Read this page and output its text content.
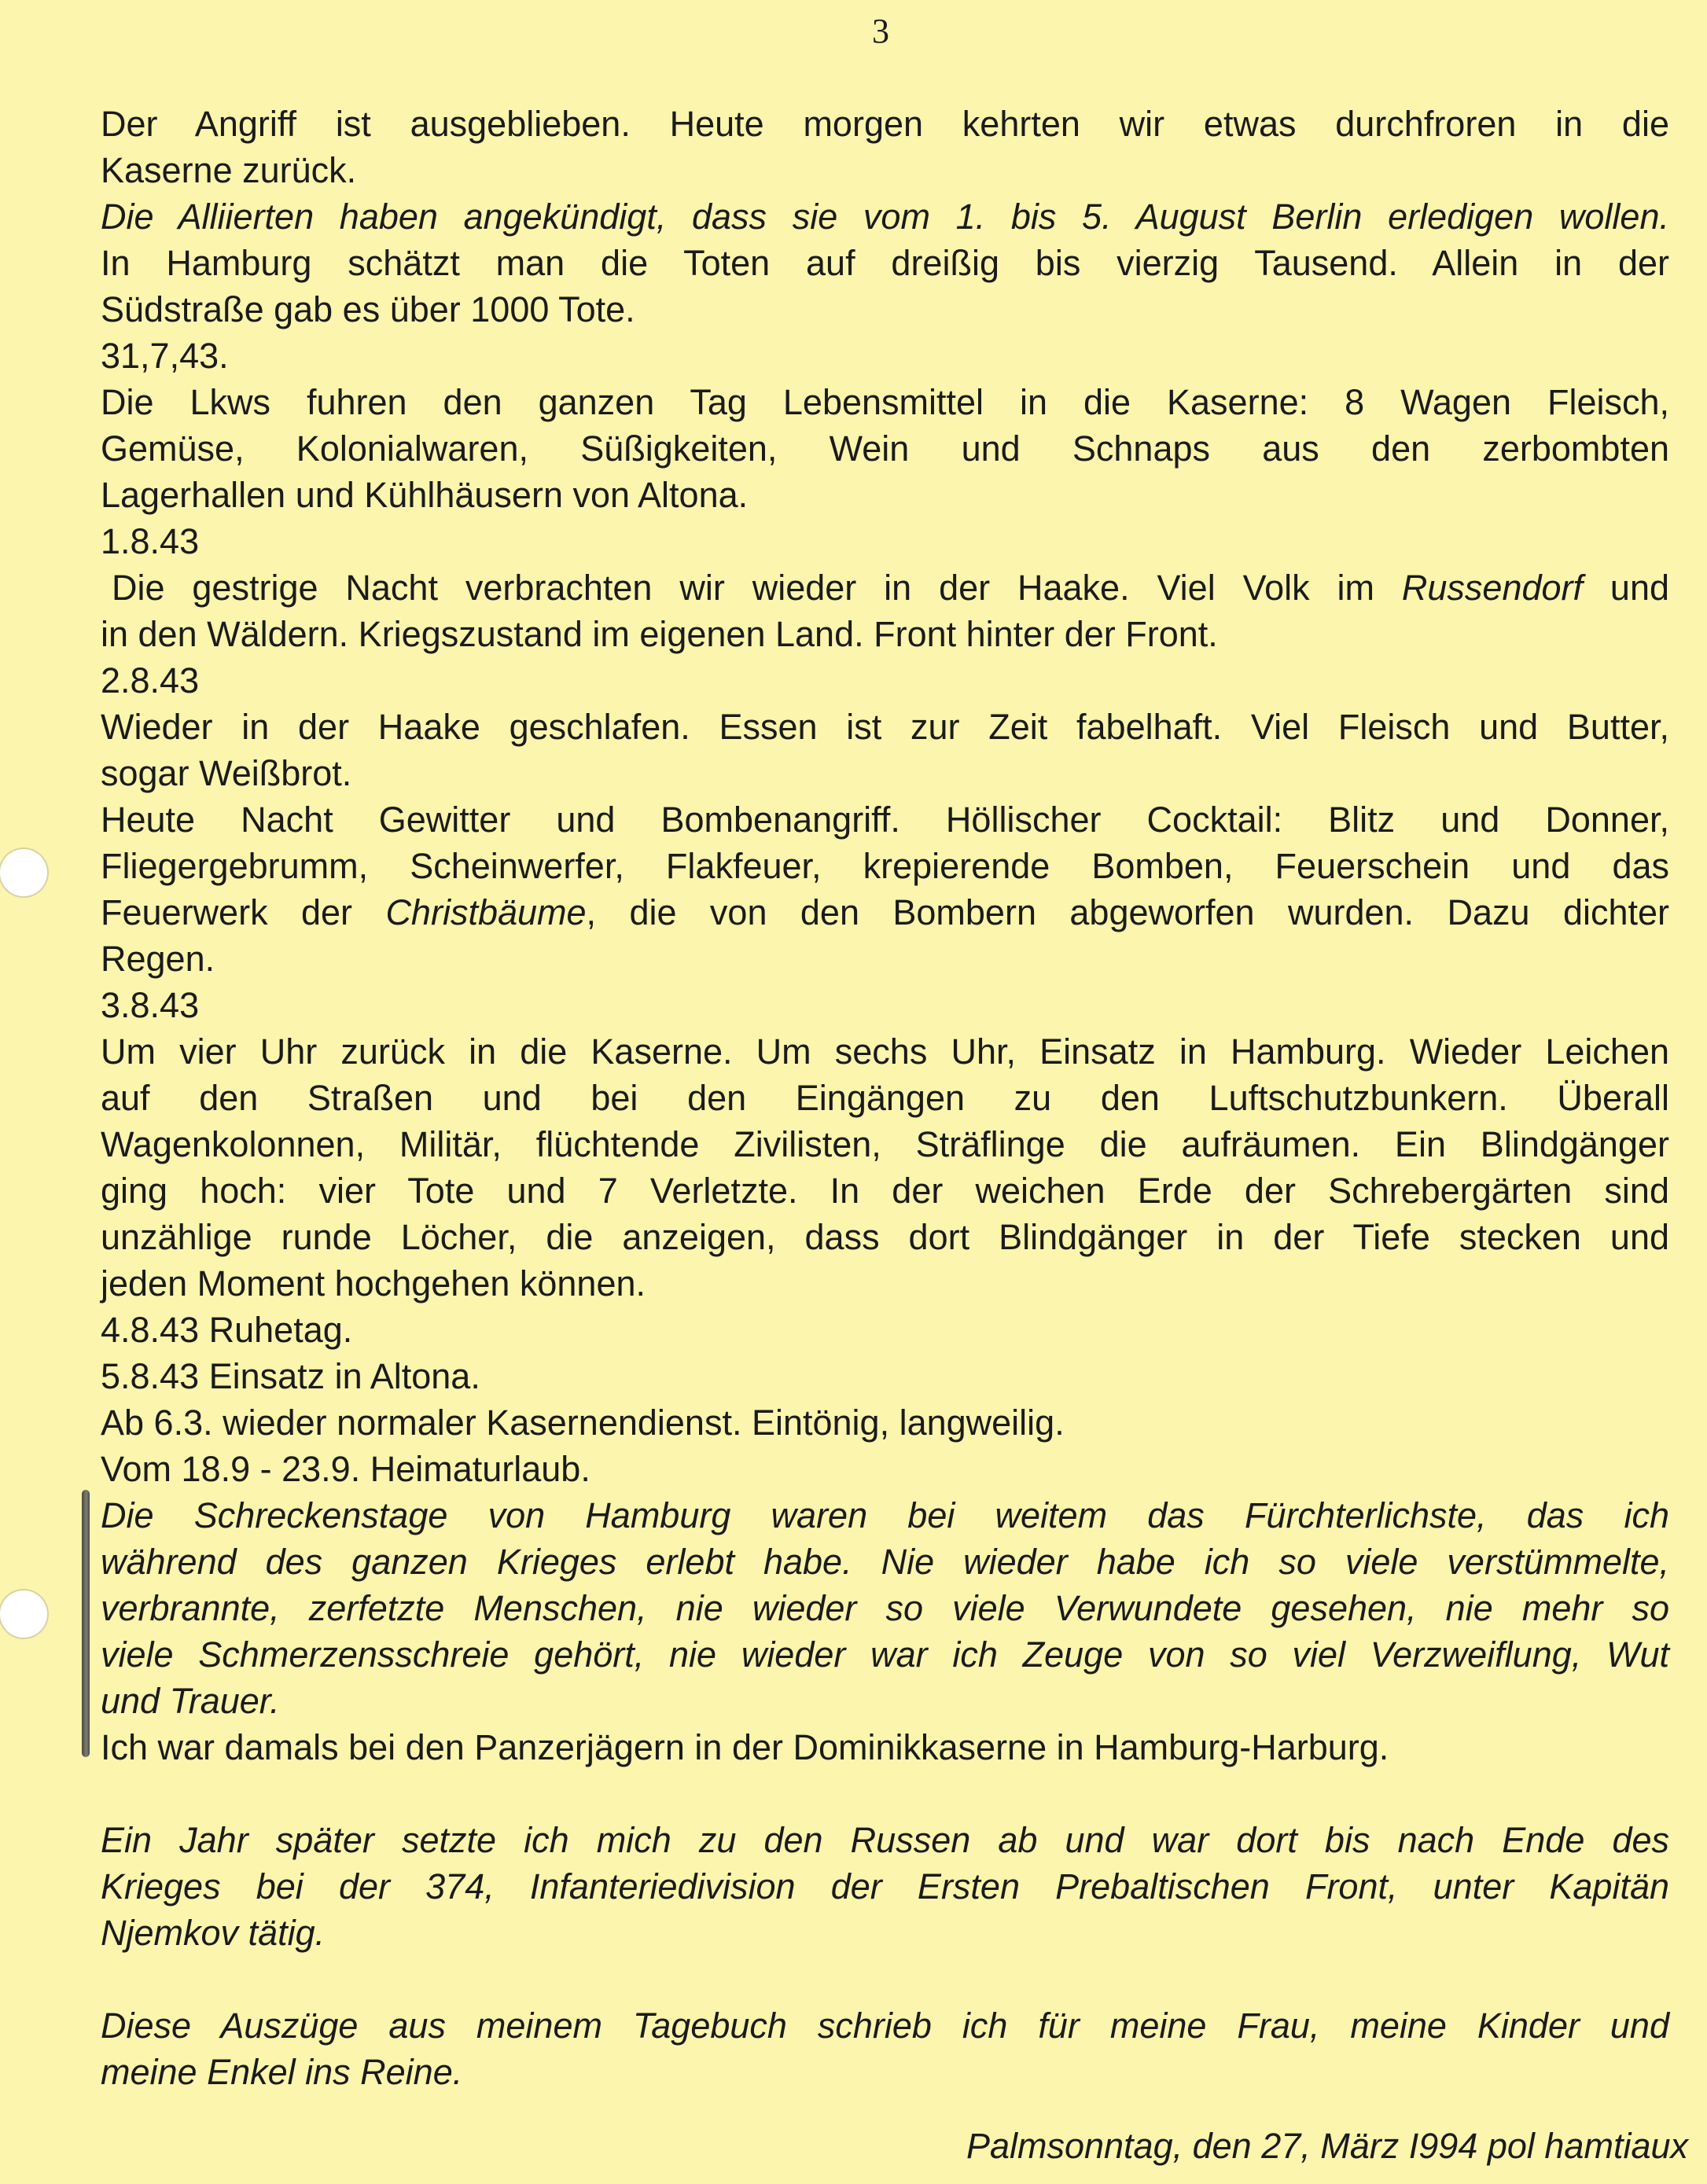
3
Der Angriff ist ausgeblieben. Heute morgen kehrten wir etwas durchfroren in die
Kaserne zurück.
Die Alliierten haben angekündigt, dass sie vom 1. bis 5. August Berlin erledigen wollen.
In Hamburg schätzt man die Toten auf dreißig bis vierzig Tausend. Allein in der
Südstraße gab es über 1000 Tote.
31,7,43.
Die Lkws fuhren den ganzen Tag Lebensmittel in die Kaserne: 8 Wagen Fleisch,
Gemüse, Kolonialwaren, Süßigkeiten, Wein und Schnaps aus den zerbombten
Lagerhallen und Kühlhäusern von Altona.
1.8.43
Die gestrige Nacht verbrachten wir wieder in der Haake. Viel Volk im Russendorf und
in den Wäldern. Kriegszustand im eigenen Land. Front hinter der Front.
2.8.43
Wieder in der Haake geschlafen. Essen ist zur Zeit fabelhaft. Viel Fleisch und Butter,
sogar Weißbrot.
Heute Nacht Gewitter und Bombenangriff. Höllischer Cocktail: Blitz und Donner,
Fliegergebrumm, Scheinwerfer, Flakfeuer, krepierende Bomben, Feuerschein und das
Feuerwerk der Christbäume, die von den Bombern abgeworfen wurden. Dazu dichter
Regen.
3.8.43
Um vier Uhr zurück in die Kaserne. Um sechs Uhr, Einsatz in Hamburg. Wieder Leichen
auf den Straßen und bei den Eingängen zu den Luftschutzbunkern. Überall
Wagenkolonnen, Militär, flüchtende Zivilisten, Sträflinge die aufräumen. Ein Blindgänger
ging hoch: vier Tote und 7 Verletzte. In der weichen Erde der Schrebergärten sind
unzählige runde Löcher, die anzeigen, dass dort Blindgänger in der Tiefe stecken und
jeden Moment hochgehen können.
4.8.43 Ruhetag.
5.8.43 Einsatz in Altona.
Ab 6.3. wieder normaler Kasernendienst. Eintönig, langweilig.
Vom 18.9 - 23.9. Heimaturlaub.
Die Schreckenstage von Hamburg waren bei weitem das Fürchterlichste, das ich
während des ganzen Krieges erlebt habe. Nie wieder habe ich so viele verstümmelte,
verbrannte, zerfetzte Menschen, nie wieder so viele Verwundete gesehen, nie mehr so
viele Schmerzensschreie gehört, nie wieder war ich Zeuge von so viel Verzweiflung, Wut
und Trauer.
Ich war damals bei den Panzerjägern in der Dominikkaserne in Hamburg-Harburg.
Ein Jahr später setzte ich mich zu den Russen ab und war dort bis nach Ende des
Krieges bei der 374, Infanteriedivision der Ersten Prebaltischen Front, unter Kapitän
Njemkov tätig.
Diese Auszüge aus meinem Tagebuch schrieb ich für meine Frau, meine Kinder und
meine Enkel ins Reine.
Palmsonntag, den 27, März I994 pol hamtiaux
